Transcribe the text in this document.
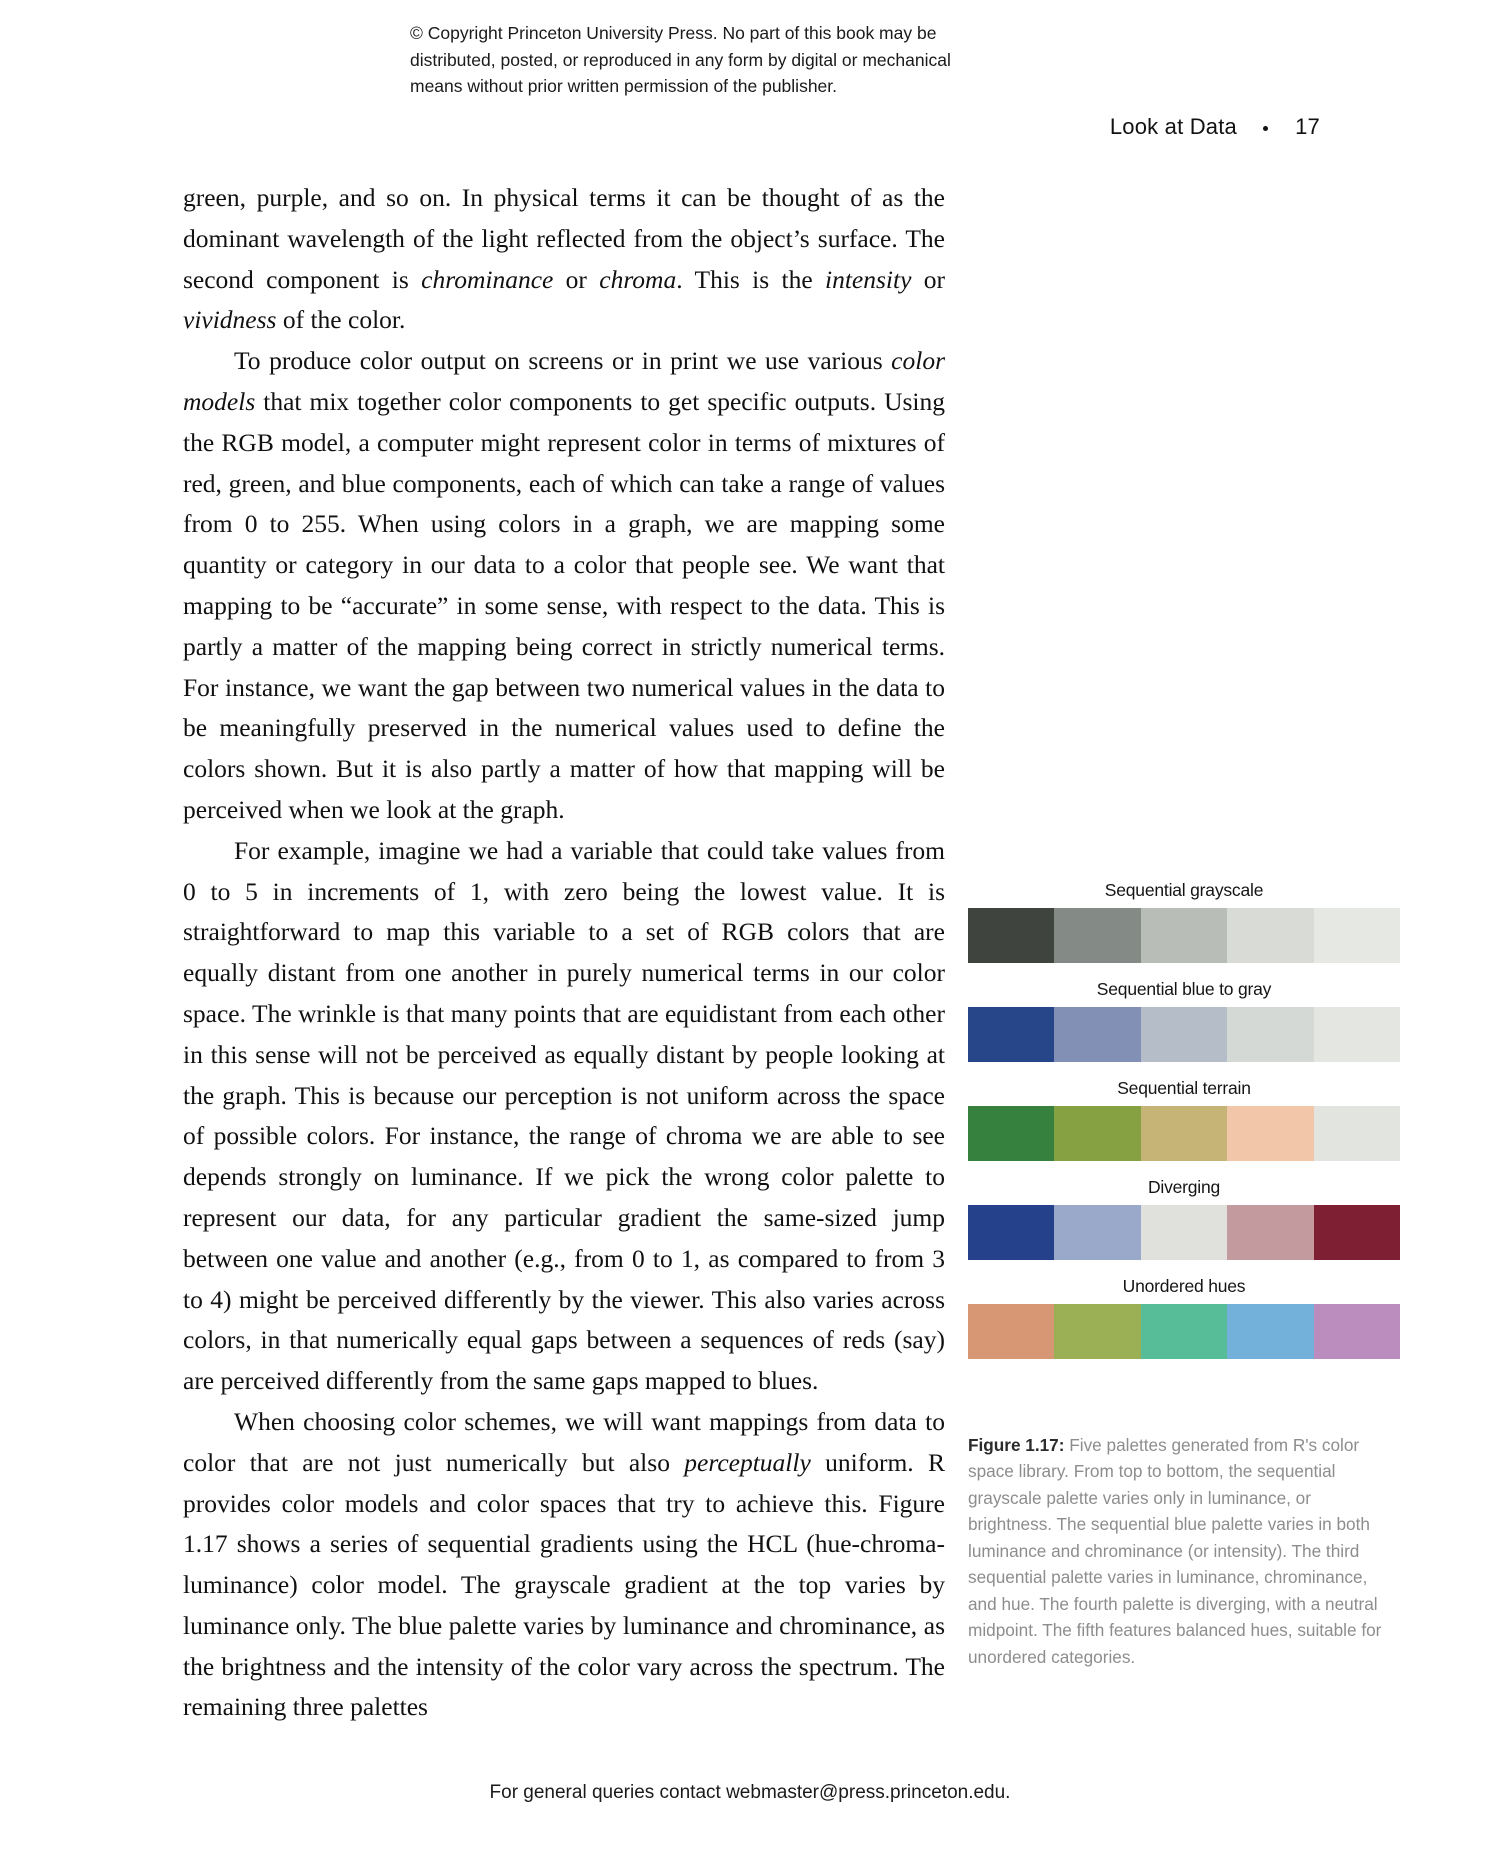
© Copyright Princeton University Press. No part of this book may be
distributed, posted, or reproduced in any form by digital or mechanical
means without prior written permission of the publisher.
Look at Data	17

green, purple, and so on. In physical terms it can be thought of as the dominant wavelength of the light reflected from the object’s surface. The second component is chrominance or chroma. This is the intensity or vividness of the color.

To produce color output on screens or in print we use various color models that mix together color components to get specific outputs. Using the RGB model, a computer might represent color in terms of mixtures of red, green, and blue components, each of which can take a range of values from 0 to 255. When using colors in a graph, we are mapping some quantity or category in our data to a color that people see. We want that mapping to be “accurate” in some sense, with respect to the data. This is partly a matter of the mapping being correct in strictly numerical terms. For instance, we want the gap between two numerical values in the data to be meaningfully preserved in the numerical values used to define the colors shown. But it is also partly a matter of how that mapping will be perceived when we look at the graph.

For example, imagine we had a variable that could take values from 0 to 5 in increments of 1, with zero being the lowest value. It is straightforward to map this variable to a set of RGB colors that are equally distant from one another in purely numerical terms in our color space. The wrinkle is that many points that are equidistant from each other in this sense will not be perceived as equally distant by people looking at the graph. This is because our perception is not uniform across the space of possible colors. For instance, the range of chroma we are able to see depends strongly on luminance. If we pick the wrong color palette to represent our data, for any particular gradient the same-sized jump between one value and another (e.g., from 0 to 1, as compared to from 3 to 4) might be perceived differently by the viewer. This also varies across colors, in that numerically equal gaps between a sequences of reds (say) are perceived differently from the same gaps mapped to blues.

When choosing color schemes, we will want mappings from data to color that are not just numerically but also perceptually uniform. R provides color models and color spaces that try to achieve this. Figure 1.17 shows a series of sequential gradients using the HCL (hue-chroma-luminance) color model. The grayscale gradient at the top varies by luminance only. The blue palette varies by luminance and chrominance, as the brightness and the intensity of the color vary across the spectrum. The remaining three palettes

Sequential grayscale
Sequential blue to gray
Sequential terrain
Diverging
Unordered hues
Figure 1.17: Five palettes generated from R's color space library. From top to bottom, the sequential grayscale palette varies only in luminance, or brightness. The sequential blue palette varies in both luminance and chrominance (or intensity). The third sequential palette varies in luminance, chrominance, and hue. The fourth palette is diverging, with a neutral midpoint. The fifth features balanced hues, suitable for unordered categories.
For general queries contact webmaster@press.princeton.edu.
